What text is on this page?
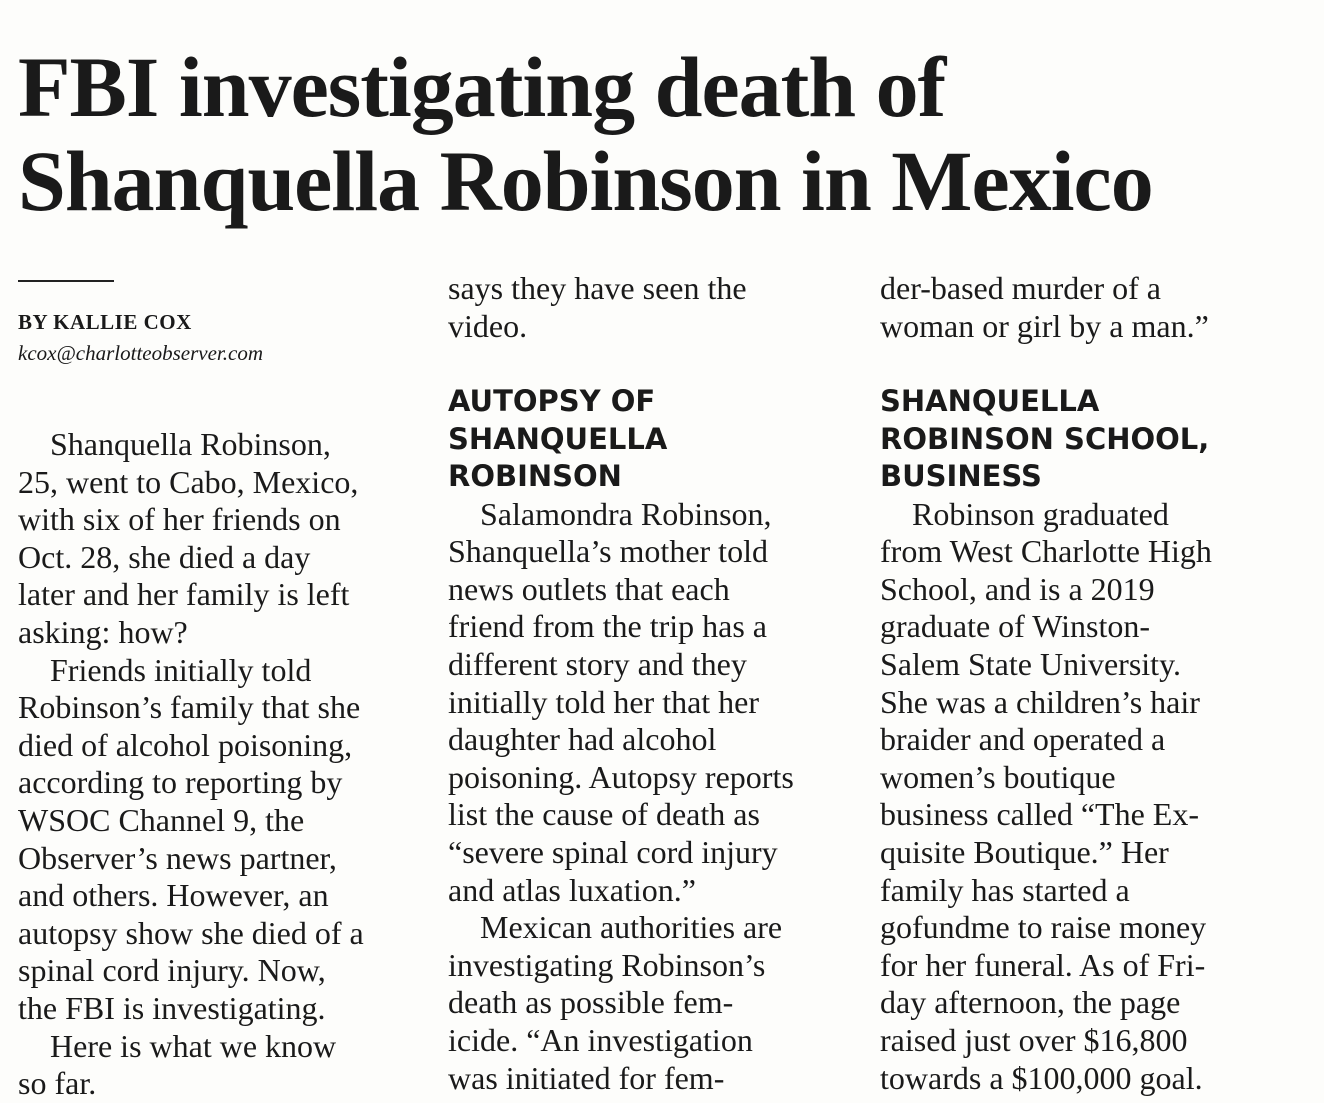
FBI investigating death of
Shanquella Robinson in Mexico
BY KALLIE COX
kcox@charlotteobserver.com
Shanquella Robinson,
25, went to Cabo, Mexico,
with six of her friends on
Oct. 28, she died a day
later and her family is left
asking: how?
Friends initially told
Robinson’s family that she
died of alcohol poisoning,
according to reporting by
WSOC Channel 9, the
Observer’s news partner,
and others. However, an
autopsy show she died of a
spinal cord injury. Now,
the FBI is investigating.
Here is what we know
so far.
says they have seen the
video.
AUTOPSY OF
SHANQUELLA
ROBINSON
Salamondra Robinson,
Shanquella’s mother told
news outlets that each
friend from the trip has a
different story and they
initially told her that her
daughter had alcohol
poisoning. Autopsy reports
list the cause of death as
“severe spinal cord injury
and atlas luxation.”
Mexican authorities are
investigating Robinson’s
death as possible fem-
icide. “An investigation
was initiated for fem-
der-based murder of a
woman or girl by a man.”
SHANQUELLA
ROBINSON SCHOOL,
BUSINESS
Robinson graduated
from West Charlotte High
School, and is a 2019
graduate of Winston-
Salem State University.
She was a children’s hair
braider and operated a
women’s boutique
business called “The Ex-
quisite Boutique.” Her
family has started a
gofundme to raise money
for her funeral. As of Fri-
day afternoon, the page
raised just over $16,800
towards a $100,000 goal.
